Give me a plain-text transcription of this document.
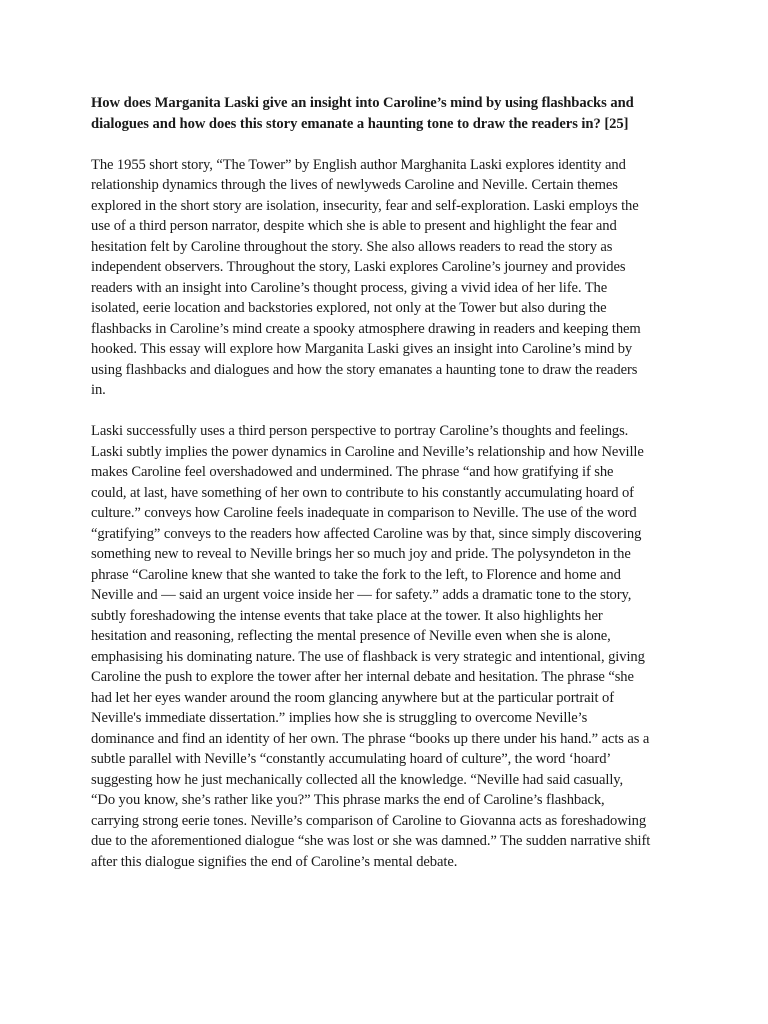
How does Marganita Laski give an insight into Caroline’s mind by using flashbacks and
dialogues and how does this story emanate a haunting tone to draw the readers in? [25]
The 1955 short story, “The Tower” by English author Marghanita Laski explores identity and
relationship dynamics through the lives of newlyweds Caroline and Neville. Certain themes
explored in the short story are isolation, insecurity, fear and self-exploration. Laski employs the
use of a third person narrator, despite which she is able to present and highlight the fear and
hesitation felt by Caroline throughout the story. She also allows readers to read the story as
independent observers. Throughout the story, Laski explores Caroline’s journey and provides
readers with an insight into Caroline’s thought process, giving a vivid idea of her life. The
isolated, eerie location and backstories explored, not only at the Tower but also during the
flashbacks in Caroline’s mind create a spooky atmosphere drawing in readers and keeping them
hooked. This essay will explore how Marganita Laski gives an insight into Caroline’s mind by
using flashbacks and dialogues and how the story emanates a haunting tone to draw the readers
in.
Laski successfully uses a third person perspective to portray Caroline’s thoughts and feelings.
Laski subtly implies the power dynamics in Caroline and Neville’s relationship and how Neville
makes Caroline feel overshadowed and undermined. The phrase “and how gratifying if she
could, at last, have something of her own to contribute to his constantly accumulating hoard of
culture.” conveys how Caroline feels inadequate in comparison to Neville. The use of the word
“gratifying” conveys to the readers how affected Caroline was by that, since simply discovering
something new to reveal to Neville brings her so much joy and pride. The polysyndeton in the
phrase “Caroline knew that she wanted to take the fork to the left, to Florence and home and
Neville and — said an urgent voice inside her — for safety.” adds a dramatic tone to the story,
subtly foreshadowing the intense events that take place at the tower. It also highlights her
hesitation and reasoning, reflecting the mental presence of Neville even when she is alone,
emphasising his dominating nature. The use of flashback is very strategic and intentional, giving
Caroline the push to explore the tower after her internal debate and hesitation. The phrase “she
had let her eyes wander around the room glancing anywhere but at the particular portrait of
Neville's immediate dissertation.” implies how she is struggling to overcome Neville’s
dominance and find an identity of her own. The phrase “books up there under his hand.” acts as a
subtle parallel with Neville’s “constantly accumulating hoard of culture”, the word ‘hoard’
suggesting how he just mechanically collected all the knowledge. “Neville had said casually,
“Do you know, she’s rather like you?” This phrase marks the end of Caroline’s flashback,
carrying strong eerie tones. Neville’s comparison of Caroline to Giovanna acts as foreshadowing
due to the aforementioned dialogue “she was lost or she was damned.” The sudden narrative shift
after this dialogue signifies the end of Caroline’s mental debate.
